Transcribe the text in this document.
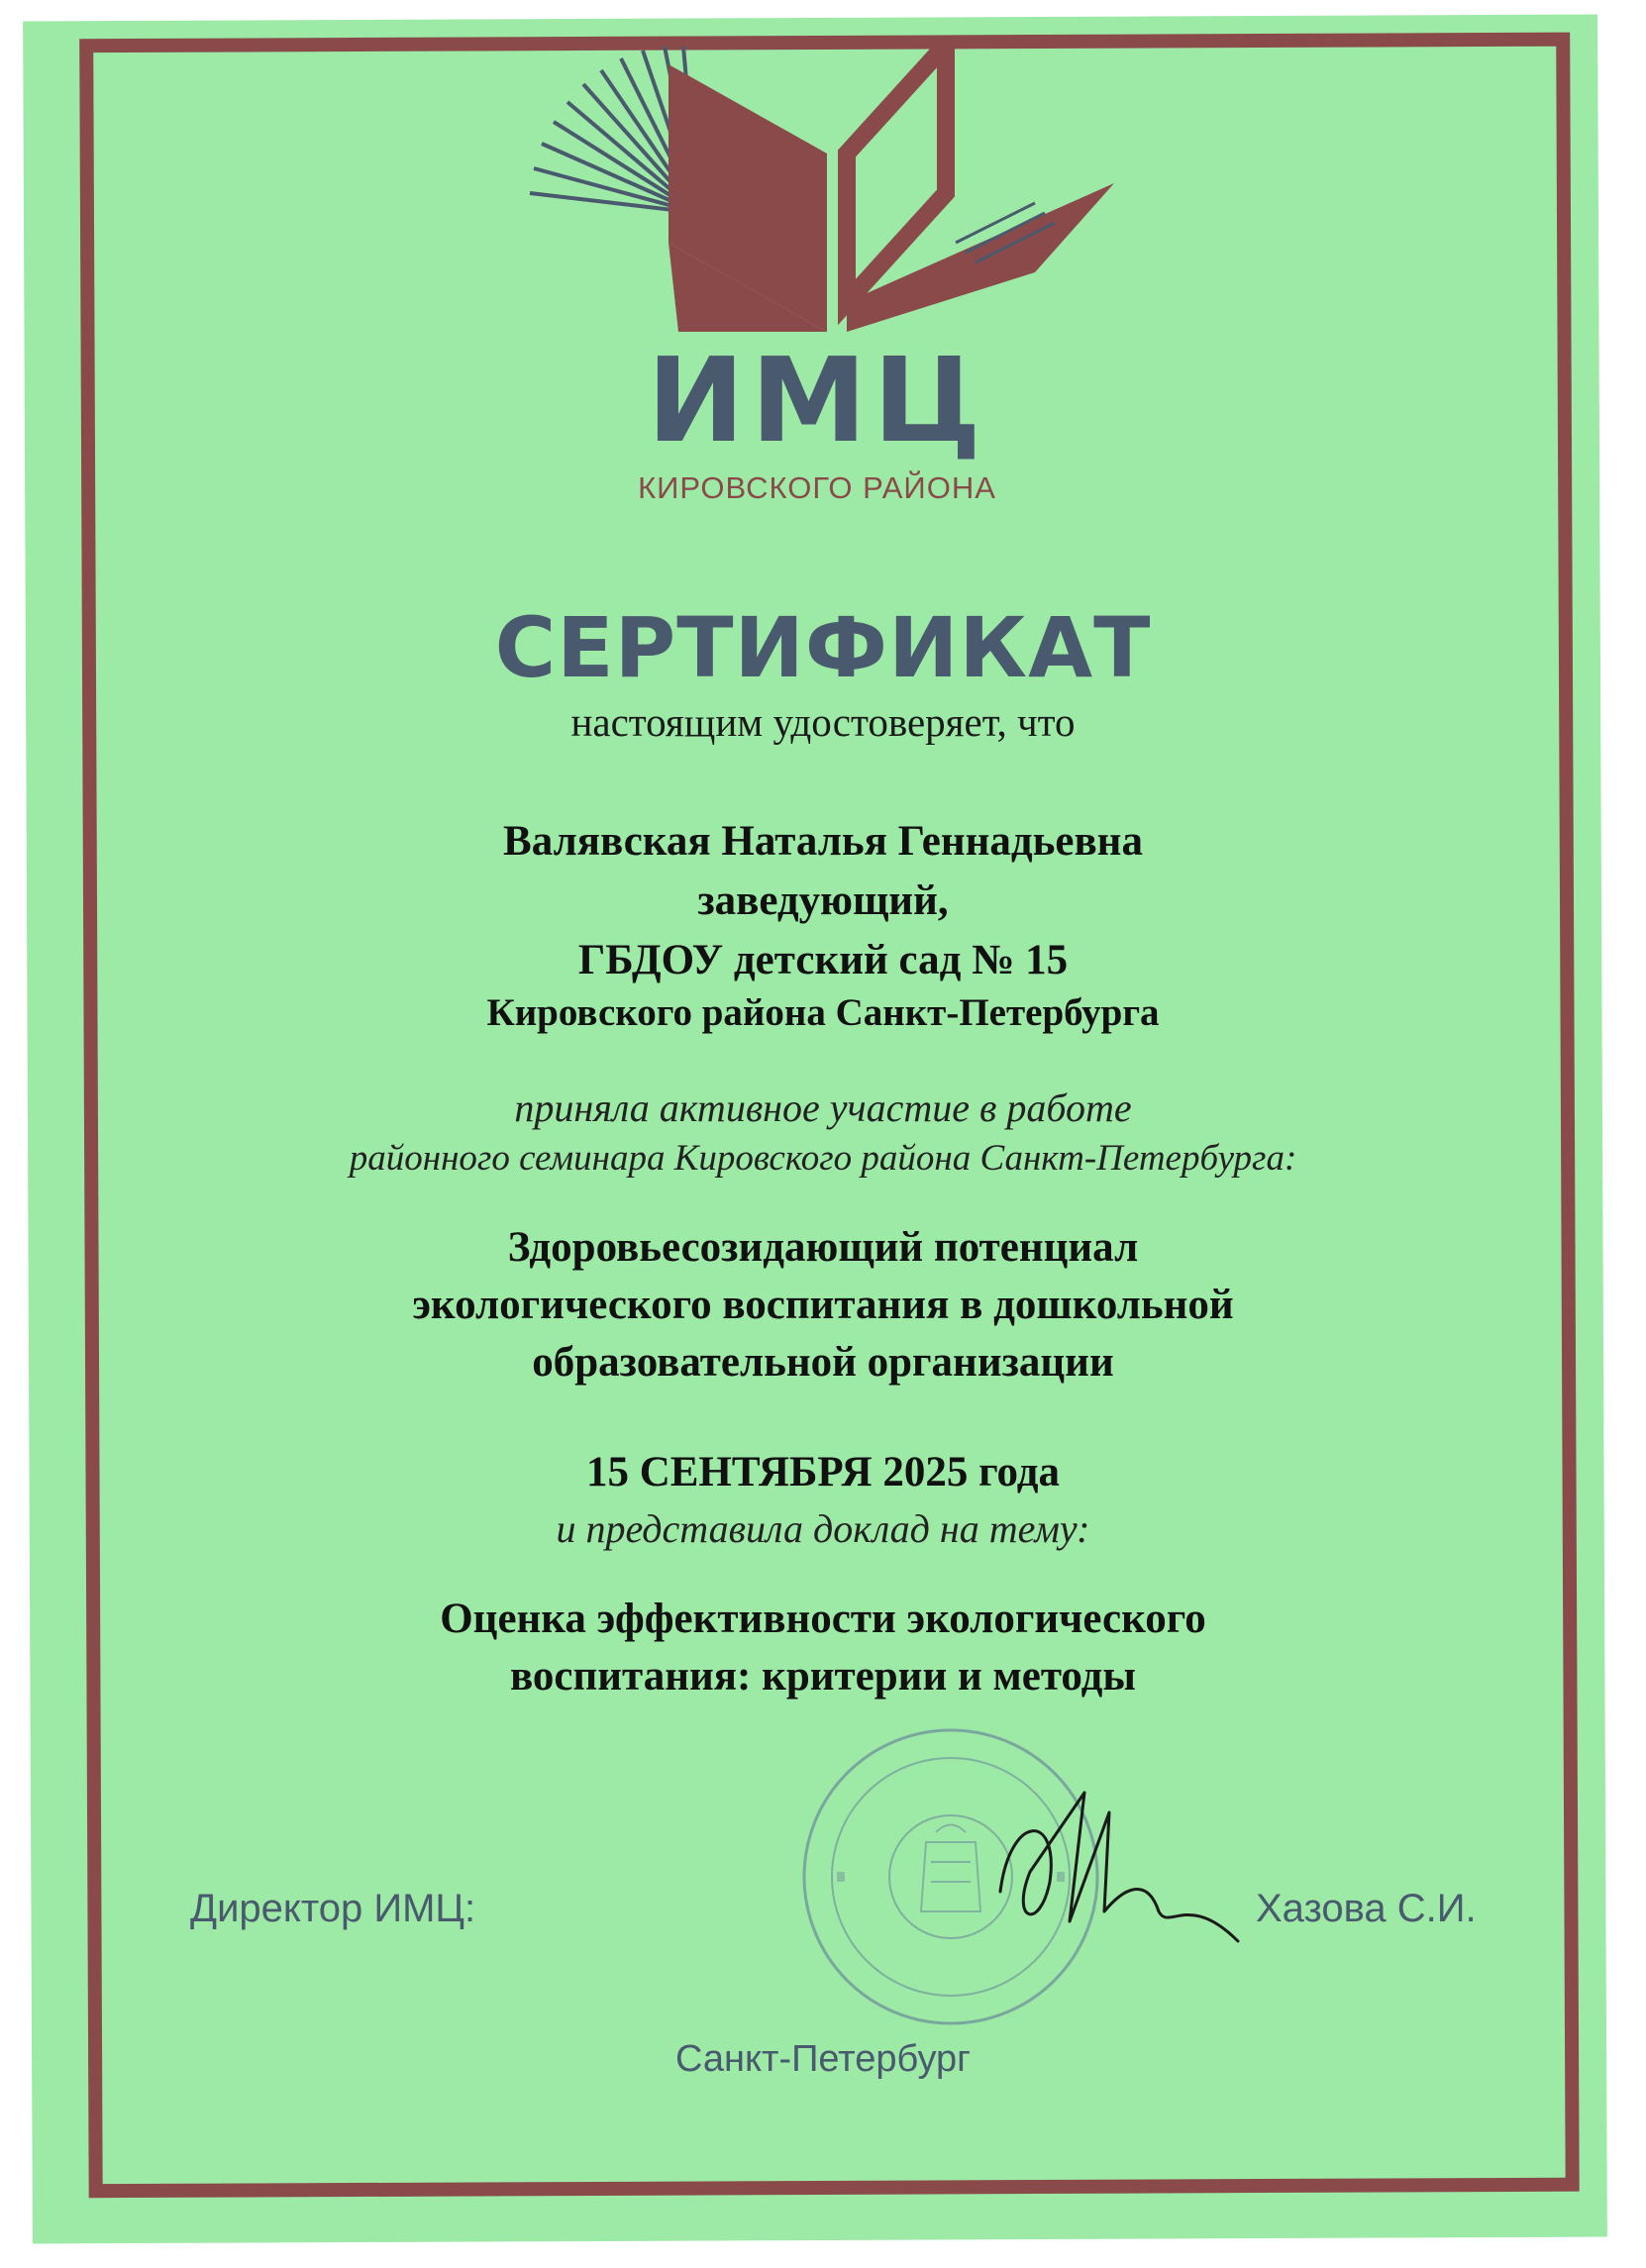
ИМЦ
КИРОВСКОГО РАЙОНА
СЕРТИФИКАТ
настоящим удостоверяет, что
Валявская Наталья Геннадьевна
заведующий,
ГБДОУ детский сад № 15
Кировского района Санкт-Петербурга
приняла активное участие в работе
районного семинара Кировского района Санкт-Петербурга:
Здоровьесозидающий потенциал
экологического воспитания в дошкольной
образовательной организации
15 СЕНТЯБРЯ 2025 года
и представила доклад на тему:
Оценка эффективности экологического
воспитания: критерии и методы
Директор ИМЦ:	Хазова С.И.
Санкт-Петербург
